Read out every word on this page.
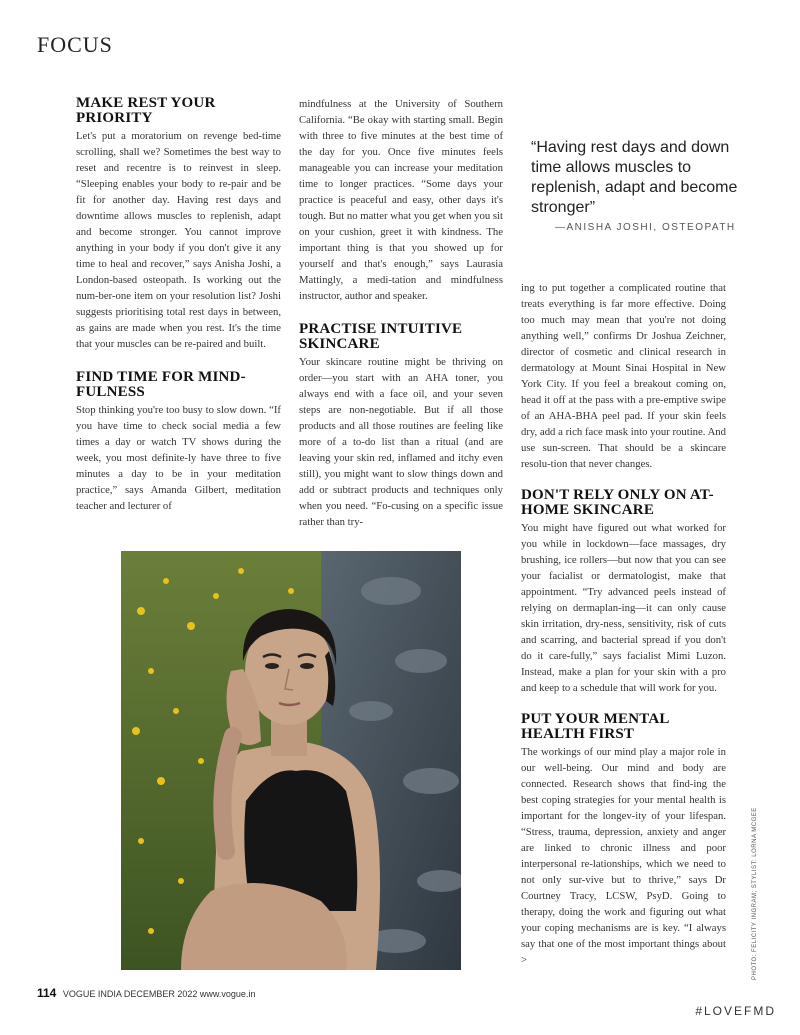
FOCUS
MAKE REST YOUR PRIORITY

Let's put a moratorium on revenge bed-time scrolling, shall we? Sometimes the best way to reset and recentre is to reinvest in sleep. “Sleeping enables your body to re-pair and be fit for another day. Having rest days and downtime allows muscles to replenish, adapt and become stronger. You cannot improve anything in your body if you don't give it any time to heal and recover,” says Anisha Joshi, a London-based osteopath. Is working out the num-ber-one item on your resolution list? Joshi suggests prioritising total rest days in between, as gains are made when you rest. It's the time that your muscles can be re-paired and built.

FIND TIME FOR MIND-FULNESS

Stop thinking you're too busy to slow down. “If you have time to check social media a few times a day or watch TV shows during the week, you most definite-ly have three to five minutes a day to be in your meditation practice,” says Amanda Gilbert, meditation teacher and lecturer of

mindfulness at the University of Southern California. “Be okay with starting small. Begin with three to five minutes at the best time of the day for you. Once five minutes feels manageable you can increase your meditation time to longer practices. “Some days your practice is peaceful and easy, other days it's tough. But no matter what you get when you sit on your cushion, greet it with kindness. The important thing is that you showed up for yourself and that's enough,” says Laurasia Mattingly, a medi-tation and mindfulness instructor, author and speaker.

PRACTISE INTUITIVE SKINCARE

Your skincare routine might be thriving on order—you start with an AHA toner, you always end with a face oil, and your seven steps are non-negotiable. But if all those products and all those routines are feeling like more of a to-do list than a ritual (and are leaving your skin red, inflamed and itchy even still), you might want to slow things down and add or subtract products and techniques only when you need. “Fo-cusing on a specific issue rather than try-

“Having rest days and down time allows muscles to replenish, adapt and become stronger”
—ANISHA JOSHI, OSTEOPATH

ing to put together a complicated routine that treats everything is far more effective. Doing too much may mean that you're not doing anything well,” confirms Dr Joshua Zeichner, director of cosmetic and clinical research in dermatology at Mount Sinai Hospital in New York City. If you feel a breakout coming on, head it off at the pass with a pre-emptive swipe of an AHA-BHA peel pad. If your skin feels dry, add a rich face mask into your routine. And use sun-screen. That should be a skincare resolu-tion that never changes.

DON'T RELY ONLY ON AT-HOME SKINCARE

You might have figured out what worked for you while in lockdown—face massages, dry brushing, ice rollers—but now that you can see your facialist or dermatologist, make that appointment. “Try advanced peels instead of relying on dermaplan-ing—it can only cause skin irritation, dry-ness, sensitivity, risk of cuts and scarring, and bacterial spread if you don't do it care-fully,” says facialist Mimi Luzon. Instead, make a plan for your skin with a pro and keep to a schedule that will work for you.

PUT YOUR MENTAL HEALTH FIRST

The workings of our mind play a major role in our well-being. Our mind and body are connected. Research shows that find-ing the best coping strategies for your mental health is important for the longev-ity of your lifespan. “Stress, trauma, depression, anxiety and anger are linked to chronic illness and poor interpersonal re-lationships, which we need to not only sur-vive but to thrive,” says Dr Courtney Tracy, LCSW, PsyD. Going to therapy, doing the work and figuring out what your coping mechanisms are is key. “I always say that one of the most important things about >	PHOTO: FELICITY INGRAM; STYLIST: LORNA MCGEE
114 VOGUE INDIA DECEMBER 2022 www.vogue.in
#LOVEFMD
